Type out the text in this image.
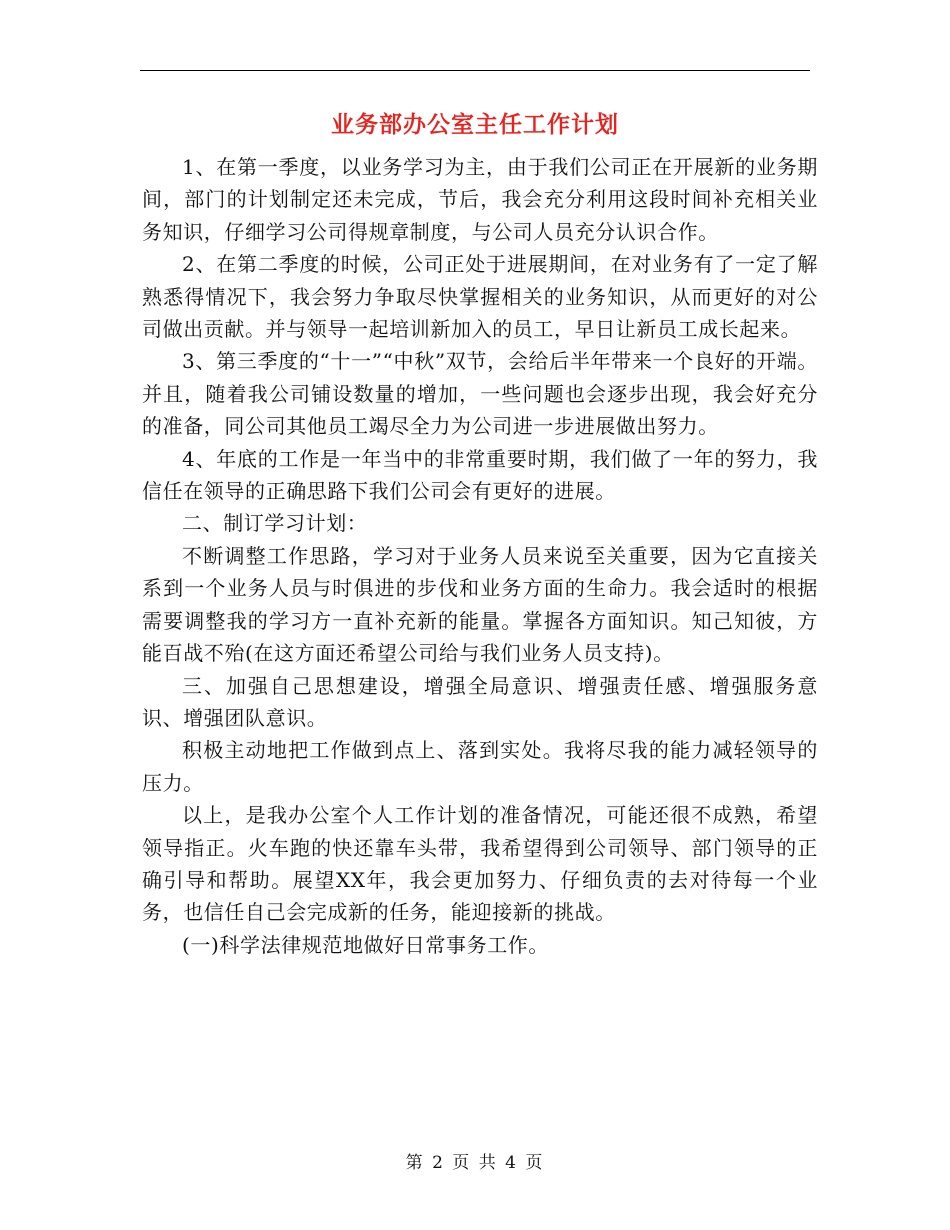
业务部办公室主任工作计划

1、在第一季度，以业务学习为主，由于我们公司正在开展新的业务期间，部门的计划制定还未完成，节后，我会充分利用这段时间补充相关业务知识，仔细学习公司得规章制度，与公司人员充分认识合作。

2、在第二季度的时候，公司正处于进展期间，在对业务有了一定了解熟悉得情况下，我会努力争取尽快掌握相关的业务知识，从而更好的对公司做出贡献。并与领导一起培训新加入的员工，早日让新员工成长起来。

3、第三季度的“十一”“中秋”双节，会给后半年带来一个良好的开端。并且，随着我公司铺设数量的增加，一些问题也会逐步出现，我会好充分的准备，同公司其他员工竭尽全力为公司进一步进展做出努力。

4、年底的工作是一年当中的非常重要时期，我们做了一年的努力，我信任在领导的正确思路下我们公司会有更好的进展。

二、制订学习计划：

不断调整工作思路，学习对于业务人员来说至关重要，因为它直接关系到一个业务人员与时俱进的步伐和业务方面的生命力。我会适时的根据需要调整我的学习方一直补充新的能量。掌握各方面知识。知己知彼，方能百战不殆(在这方面还希望公司给与我们业务人员支持)。

三、加强自己思想建设，增强全局意识、增强责任感、增强服务意识、增强团队意识。

积极主动地把工作做到点上、落到实处。我将尽我的能力减轻领导的压力。

以上，是我办公室个人工作计划的准备情况，可能还很不成熟，希望领导指正。火车跑的快还靠车头带，我希望得到公司领导、部门领导的正确引导和帮助。展望XX年，我会更加努力、仔细负责的去对待每一个业务，也信任自己会完成新的任务，能迎接新的挑战。

(一)科学法律规范地做好日常事务工作。

第 2 页 共 4 页
